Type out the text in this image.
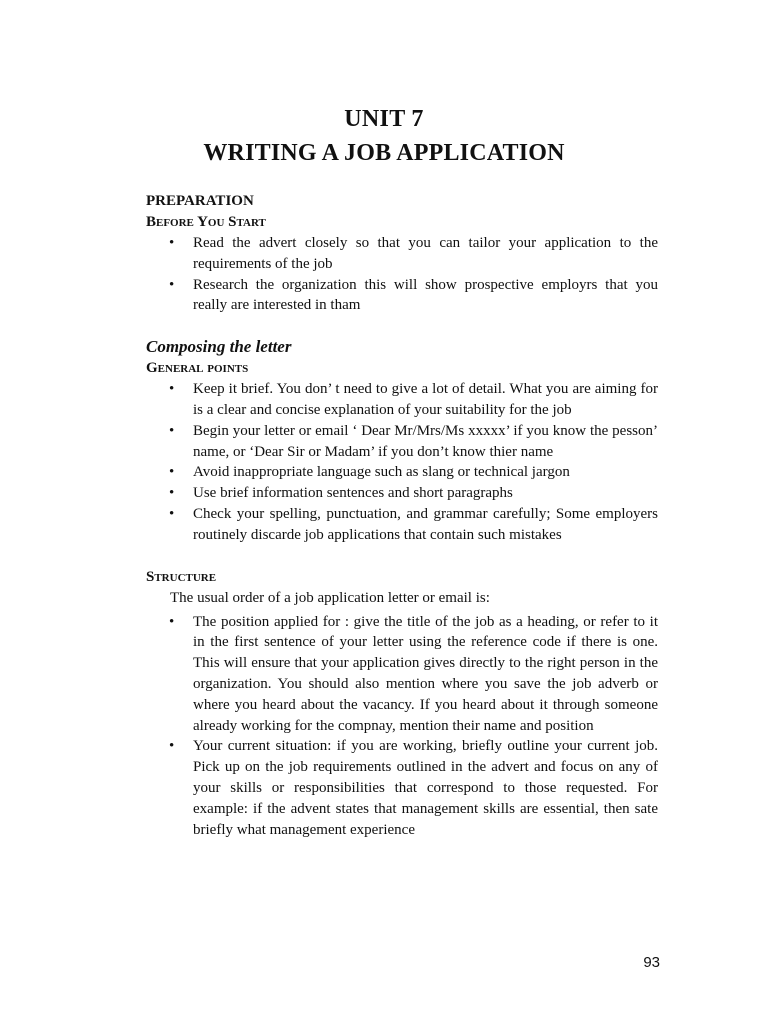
UNIT 7
WRITING A JOB APPLICATION

PREPARATION

Before You Start

• Read the advert closely so that you can tailor your application to the requirements of the job
• Research the organization this will show prospective employrs that you really are interested in tham

Composing the letter

General points

• Keep it brief. You don’ t need to give a lot of detail. What you are aiming for is a clear and concise explanation of your suitability for the job
• Begin your letter or email ‘ Dear Mr/Mrs/Ms xxxxx’ if you know the pesson’ name, or ‘Dear Sir or Madam’ if you don’t know thier name
• Avoid inappropriate language such as slang or technical jargon
• Use brief information sentences and short paragraphs
• Check your spelling, punctuation, and grammar carefully; Some employers routinely discarde job applications that contain such mistakes

Structure

The usual order of a job application letter or email is:

• The position applied for : give the title of the job as a heading, or refer to it in the first sentence of your letter using the reference code if there is one. This will ensure that your application gives directly to the right person in the organization. You should also mention where you save the job adverb or where you heard about the vacancy. If you heard about it through someone already working for the compnay, mention their name and position
• Your current situation: if you are working, briefly outline your current job. Pick up on the job requirements outlined in the advert and focus on any of your skills or responsibilities that correspond to those requested. For example: if the advent states that management skills are essential, then sate briefly what management experience
93
